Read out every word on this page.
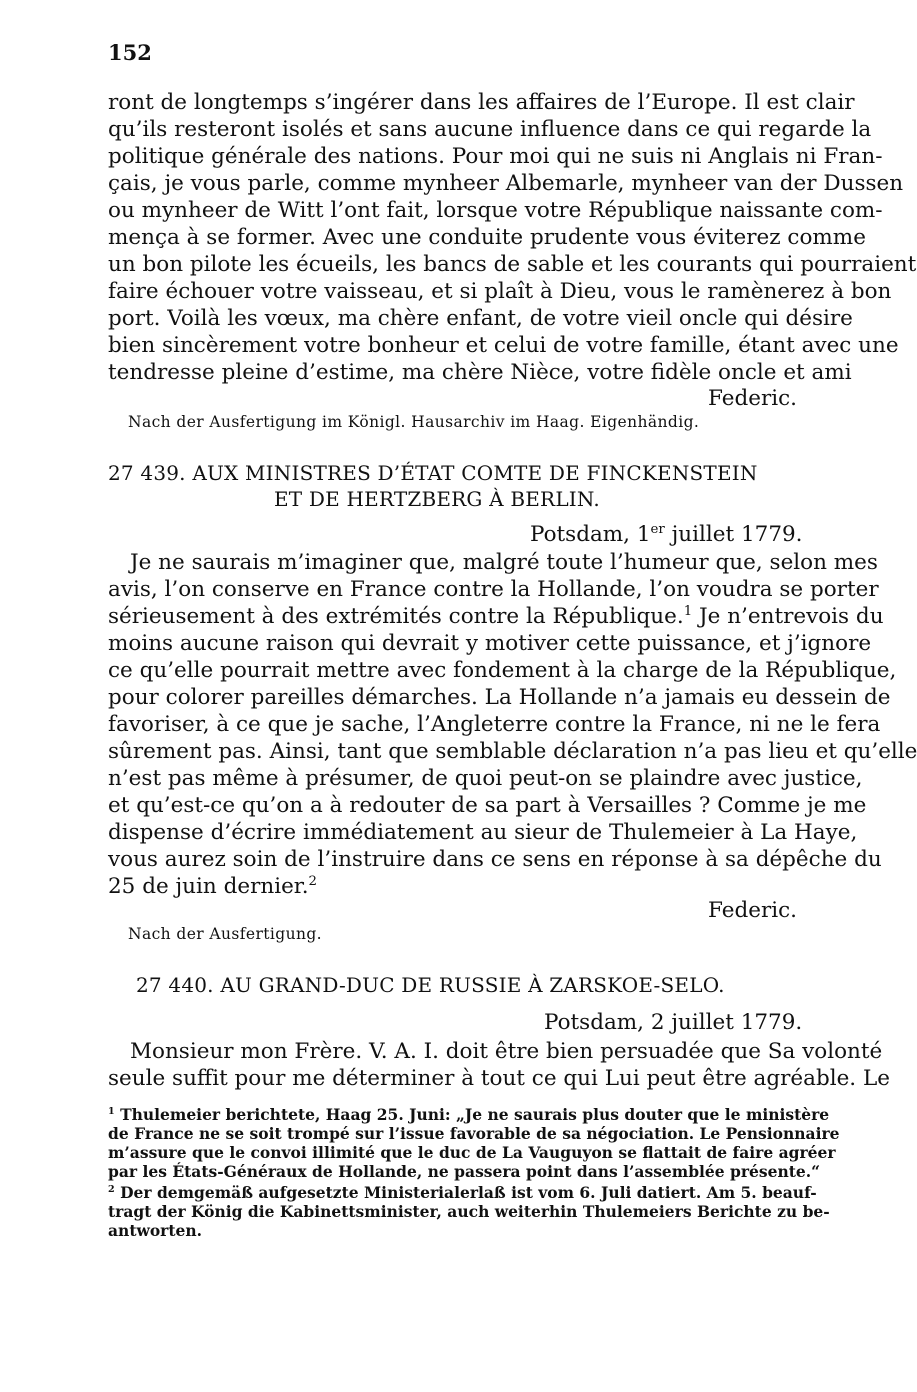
152
ront de longtemps s’ingérer dans les affaires de l’Europe. Il est clair
qu’ils resteront isolés et sans aucune influence dans ce qui regarde la
politique générale des nations. Pour moi qui ne suis ni Anglais ni Fran-
çais, je vous parle, comme mynheer Albemarle, mynheer van der Dussen
ou mynheer de Witt l’ont fait, lorsque votre République naissante com-
mença à se former. Avec une conduite prudente vous éviterez comme
un bon pilote les écueils, les bancs de sable et les courants qui pourraient
faire échouer votre vaisseau, et si plaît à Dieu, vous le ramènerez à bon
port. Voilà les vœux, ma chère enfant, de votre vieil oncle qui désire
bien sincèrement votre bonheur et celui de votre famille, étant avec une
tendresse pleine d’estime, ma chère Nièce, votre fidèle oncle et ami
Federic.
Nach der Ausfertigung im Königl. Hausarchiv im Haag. Eigenhändig.
27 439. AUX MINISTRES D’ÉTAT COMTE DE FINCKENSTEIN
ET DE HERTZBERG À BERLIN.
Potsdam, 1er juillet 1779.
Je ne saurais m’imaginer que, malgré toute l’humeur que, selon mes
avis, l’on conserve en France contre la Hollande, l’on voudra se porter
sérieusement à des extrémités contre la République.$^1$ Je n’entrevois du
moins aucune raison qui devrait y motiver cette puissance, et j’ignore
ce qu’elle pourrait mettre avec fondement à la charge de la République,
pour colorer pareilles démarches. La Hollande n’a jamais eu dessein de
favoriser, à ce que je sache, l’Angleterre contre la France, ni ne le fera
sûrement pas. Ainsi, tant que semblable déclaration n’a pas lieu et qu’elle
n’est pas même à présumer, de quoi peut-on se plaindre avec justice,
et qu’est-ce qu’on a à redouter de sa part à Versailles ? Comme je me
dispense d’écrire immédiatement au sieur de Thulemeier à La Haye,
vous aurez soin de l’instruire dans ce sens en réponse à sa dépêche du
25 de juin dernier.$^2$
Federic.
Nach der Ausfertigung.
27 440. AU GRAND-DUC DE RUSSIE À ZARSKOE-SELO.
Potsdam, 2 juillet 1779.
Monsieur mon Frère. V. A. I. doit être bien persuadée que Sa volonté
seule suffit pour me déterminer à tout ce qui Lui peut être agréable. Le
$^1$ Thulemeier berichtete, Haag 25. Juni: „Je ne saurais plus douter que le ministère
de France ne se soit trompé sur l’issue favorable de sa négociation. Le Pensionnaire
m’assure que le convoi illimité que le duc de La Vauguyon se flattait de faire agréer
par les États-Généraux de Hollande, ne passera point dans l’assemblée présente.“
$^2$ Der demgemäß aufgesetzte Ministerialerlaß ist vom 6. Juli datiert. Am 5. beauf-
tragt der König die Kabinettsminister, auch weiterhin Thulemeiers Berichte zu be-
antworten.
